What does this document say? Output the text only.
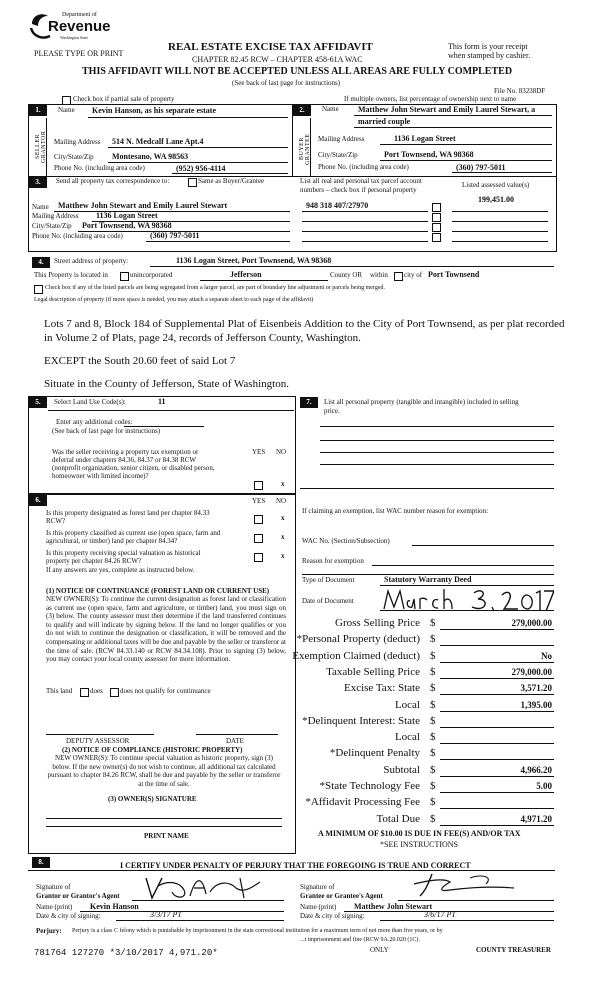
Department of
Revenue
Washington State
PLEASE TYPE OR PRINT
REAL ESTATE EXCISE TAX AFFIDAVIT
CHAPTER 82.45 RCW – CHAPTER 458-61A WAC
This form is your receipt
when stamped by cashier.
THIS AFFIDAVIT WILL NOT BE ACCEPTED UNLESS ALL AREAS ARE FULLY COMPLETED
(See back of last page for instructions)
File No. 83238DF
Check box if partial sale of property	If multiple owners, list percentage of ownership next to name
1.	Name Kevin Hanson, as his separate estate
SELLER GRANTOR Mailing Address 514 N. Medcalf Lane Apt.4
City/State/Zip Montesano, WA 98563
Phone No. (including area code)	(952) 956-4114
2.	Name Matthew John Stewart and Emily Laurel Stewart, a
married couple
BUYER GRANTEE Mailing Address	1136 Logan Street
City/State/Zip	Port Townsend, WA 98368
Phone No. (including area code)	(360) 797-5011
3.	Send all property tax correspondence to:	Same as Buyer/Grantee	List all real and personal tax parcel account
numbers – check box if personal property
Listed assessed value(s)
199,451.00
Name Matthew John Stewart and Emily Laurel Stewart	948 318 407/27970
Mailing Address 1136 Logan Street
City/State/Zip Port Townsend, WA 98368
Phone No. (including area code)	(360) 797-5011
4.	Street address of property:	1136 Logan Street, Port Townsend, WA 98368
This Property is located in	unincorporated	Jefferson	County OR within city of Port Townsend
Check box if any of the listed parcels are being segregated from a larger parcel, are part of boundary line adjustment or parcels being merged.
Legal description of property (if more space is needed, you may attach a separate sheet to each page of the affidavit)
Lots 7 and 8, Block 184 of Supplemental Plat of Eisenbeis Addition to the City of Port Townsend, as per plat recorded
in Volume 2 of Plats, page 24, records of Jefferson County, Washington.
EXCEPT the South 20.60 feet of said Lot 7
Situate in the County of Jefferson, State of Washington.
5.	Select Land Use Code(s):	11
Enter any additional codes:
(See back of last page for instructions)
YES NO
Was the seller receiving a property tax exemption or
deferral under chapters 84.36, 84.37 or 84.38 RCW
(nonprofit organization, senior citizen, or disabled person,
homeowner with limited income)?
x
6.	YES NO
Is this property designated as forest land per chapter 84.33
RCW?	x
Is this property classified as current use (open space, farm and
agricultural, or timber) land per chapter 84.34?	x
Is this property receiving special valuation as historical
property per chapter 84.26 RCW?
x
If any answers are yes, complete as instructed below.
(1) NOTICE OF CONTINUANCE (FOREST LAND OR CURRENT USE)
NEW OWNER(S): To continue the current designation as forest land or classification as current use (open space, farm and agriculture, or timber) land, you must sign on (3) below. The county assessor must then determine if the land transferred continues to qualify and will indicate by signing below. If the land no longer qualifies or you do not wish to continue the designation or classification, it will be removed and the compensating or additional taxes will be due and payable by the seller or transferor at the time of sale. (RCW 84.33.140 or RCW 84.34.108). Prior to signing (3) below, you may contact your local county assessor for more information.
This land	does does not qualify for continuance
DEPUTY ASSESSOR	DATE
(2) NOTICE OF COMPLIANCE (HISTORIC PROPERTY)
NEW OWNER(S): To continue special valuation as historic property, sign (3) below. If the new owner(s) do not wish to continue, all additional tax calculated pursuant to chapter 84.26 RCW, shall be due and payable by the seller or transferor at the time of sale.
(3) OWNER(S) SIGNATURE
PRINT NAME
7.	List all personal property (tangible and intangible) included in selling
price.
If claiming an exemption, list WAC number reason for exemption:
WAC No. (Section/Subsection)
Reason for exemption
Type of Document	Statutory Warranty Deed
Date of Document
Gross Selling Price $	279,000.00
*Personal Property (deduct) $
Exemption Claimed (deduct) $	No
Taxable Selling Price $	279,000.00
Excise Tax: State $	3,571.20
Local $	1,395.00
*Delinquent Interest: State $
Local $
*Delinquent Penalty $
Subtotal $	4,966.20
*State Technology Fee $	5.00
*Affidavit Processing Fee $
Total Due $	4,971.20
A MINIMUM OF $10.00 IS DUE IN FEE(S) AND/OR TAX
*SEE INSTRUCTIONS
8.	I CERTIFY UNDER PENALTY OF PERJURY THAT THE FOREGOING IS TRUE AND CORRECT
Signature of
Grantor or Grantor's Agent
Name (print) Kevin Hanson
Date & city of signing:	3/3/17 PT
Signature of
Grantee or Grantee's Agent
Name (print) Matthew John Stewart
Date & city of signing:	3/6/17 PT
Perjury: Perjury is a class C felony which is punishable by imprisonment in the state correctional institution for a maximum term of not more than five years, or by
...t imprisonment and fine (RCW 9A.20.020 (1C).
781764 127270 *3/10/2017 4,971.20*	ONLY	COUNTY TREASURER
